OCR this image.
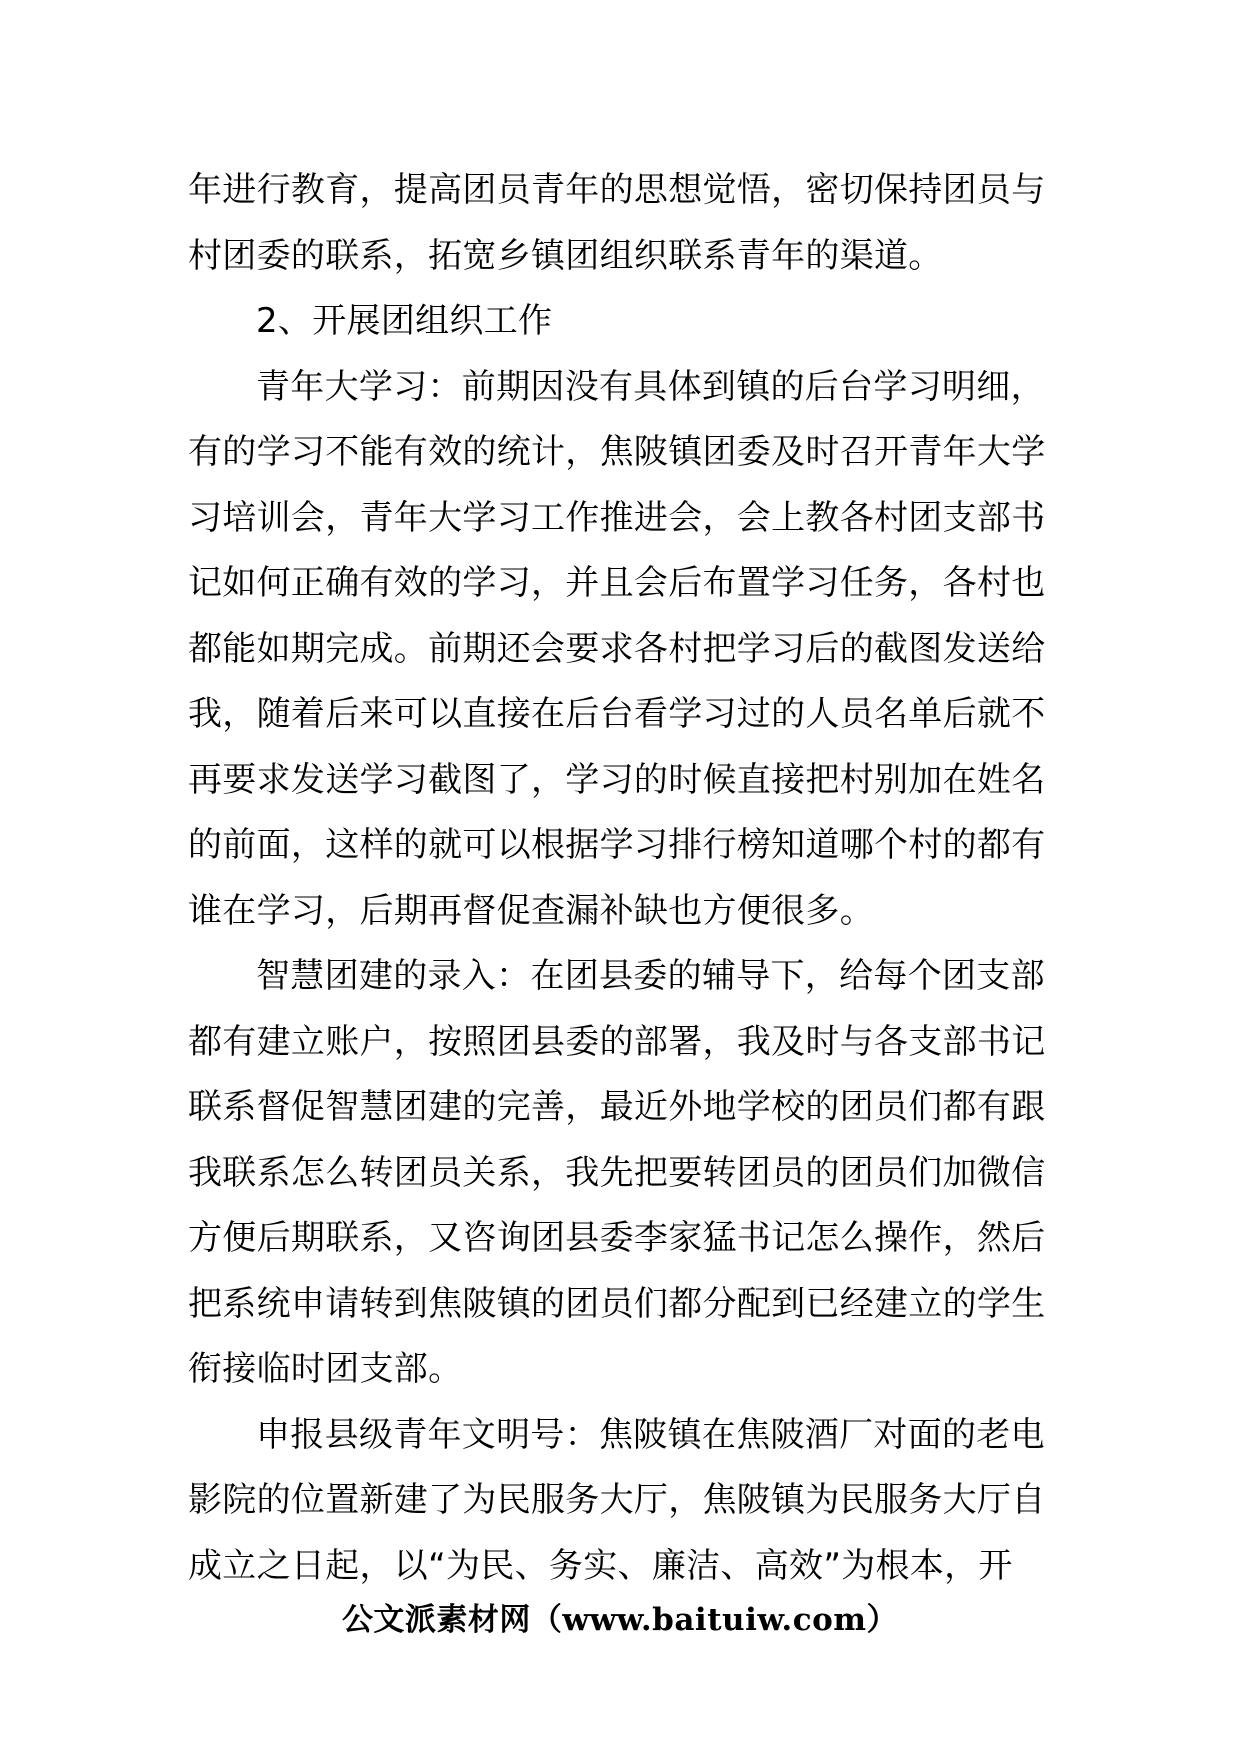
年进行教育，提高团员青年的思想觉悟，密切保持团员与
村团委的联系，拓宽乡镇团组织联系青年的渠道。
2、开展团组织工作
青年大学习：前期因没有具体到镇的后台学习明细，
有的学习不能有效的统计，焦陂镇团委及时召开青年大学
习培训会，青年大学习工作推进会，会上教各村团支部书
记如何正确有效的学习，并且会后布置学习任务，各村也
都能如期完成。前期还会要求各村把学习后的截图发送给
我，随着后来可以直接在后台看学习过的人员名单后就不
再要求发送学习截图了，学习的时候直接把村别加在姓名
的前面，这样的就可以根据学习排行榜知道哪个村的都有
谁在学习，后期再督促查漏补缺也方便很多。
智慧团建的录入：在团县委的辅导下，给每个团支部
都有建立账户，按照团县委的部署，我及时与各支部书记
联系督促智慧团建的完善，最近外地学校的团员们都有跟
我联系怎么转团员关系，我先把要转团员的团员们加微信
方便后期联系，又咨询团县委李家猛书记怎么操作，然后
把系统申请转到焦陂镇的团员们都分配到已经建立的学生
衔接临时团支部。
申报县级青年文明号：焦陂镇在焦陂酒厂对面的老电
影院的位置新建了为民服务大厅，焦陂镇为民服务大厅自
成立之日起，以“为民、务实、廉洁、高效”为根本，开
公文派素材网（www.baituiw.com）
